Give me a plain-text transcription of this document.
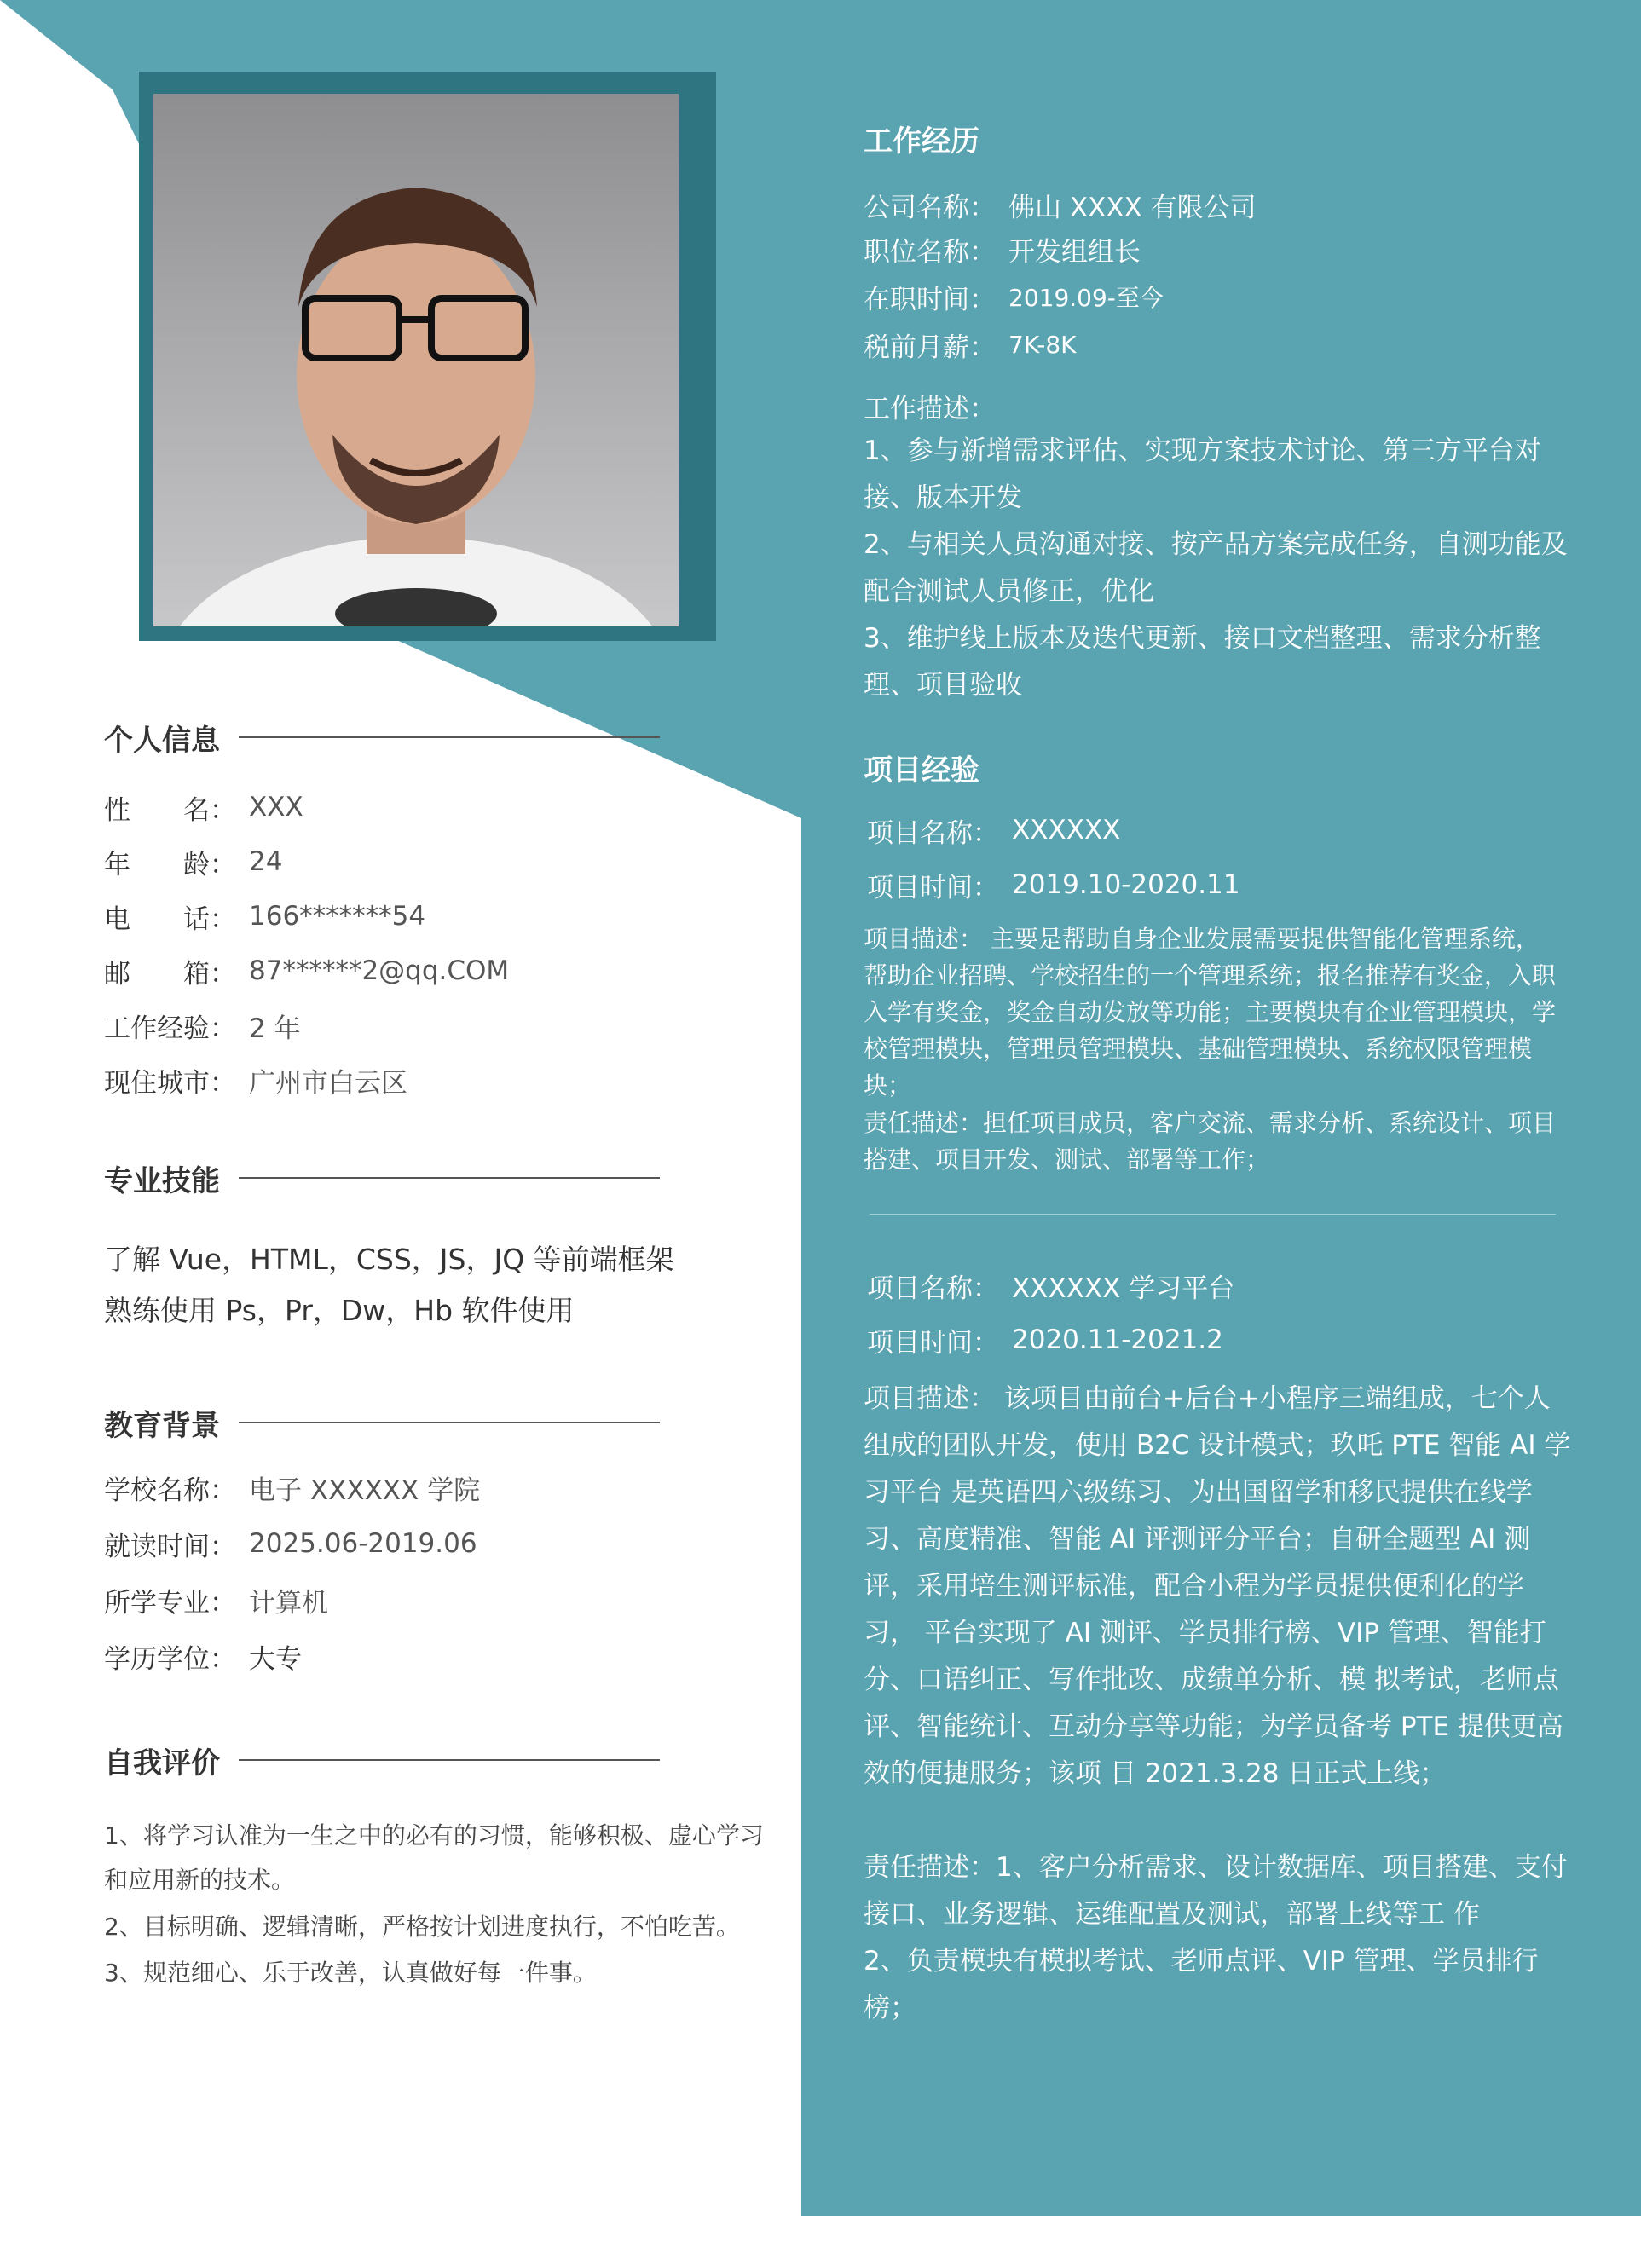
个人信息
性　　名： XXX
年　　龄： 24
电　　话： 166*******54
邮　　箱： 87******2@qq.COM
工作经验： 2 年
现住城市： 广州市白云区
专业技能
了解 Vue，HTML，CSS，JS，JQ 等前端框架
熟练使用 Ps，Pr，Dw，Hb 软件使用
教育背景
学校名称： 电子 XXXXXX 学院
就读时间： 2025.06-2019.06
所学专业： 计算机
学历学位： 大专
自我评价
1、将学习认准为一生之中的必有的习惯，能够积极、虚心学习和应用新的技术。
2、目标明确、逻辑清晰，严格按计划进度执行，不怕吃苦。
3、规范细心、乐于改善，认真做好每一件事。
工作经历
公司名称： 佛山 XXXX 有限公司
职位名称： 开发组组长
在职时间： 2019.09-至今
税前月薪： 7K-8K
工作描述：
1、参与新增需求评估、实现方案技术讨论、第三方平台对接、版本开发
2、与相关人员沟通对接、按产品方案完成任务，自测功能及配合测试人员修正，优化
3、维护线上版本及迭代更新、接口文档整理、需求分析整理、项目验收
项目经验
项目名称： XXXXXX
项目时间： 2019.10-2020.11
项目描述： 主要是帮助自身企业发展需要提供智能化管理系统，帮助企业招聘、学校招生的一个管理系统；报名推荐有奖金，入职入学有奖金，奖金自动发放等功能；主要模块有企业管理模块，学校管理模块，管理员管理模块、基础管理模块、系统权限管理模块；
责任描述：担任项目成员，客户交流、需求分析、系统设计、项目搭建、项目开发、测试、部署等工作；
项目名称： XXXXXX 学习平台
项目时间： 2020.11-2021.2
项目描述： 该项目由前台+后台+小程序三端组成，七个人组成的团队开发，使用 B2C 设计模式；玖吒 PTE 智能 AI 学习平台 是英语四六级练习、为出国留学和移民提供在线学习、高度精准、智能 AI 评测评分平台；自研全题型 AI 测评，采用培生测评标准，配合小程为学员提供便利化的学习， 平台实现了 AI 测评、学员排行榜、VIP 管理、智能打分、口语纠正、写作批改、成绩单分析、模 拟考试，老师点评、智能统计、互动分享等功能；为学员备考 PTE 提供更高效的便捷服务；该项 目 2021.3.28 日正式上线；
责任描述：1、客户分析需求、设计数据库、项目搭建、支付接口、业务逻辑、运维配置及测试，部署上线等工 作
2、负责模块有模拟考试、老师点评、VIP 管理、学员排行榜；
